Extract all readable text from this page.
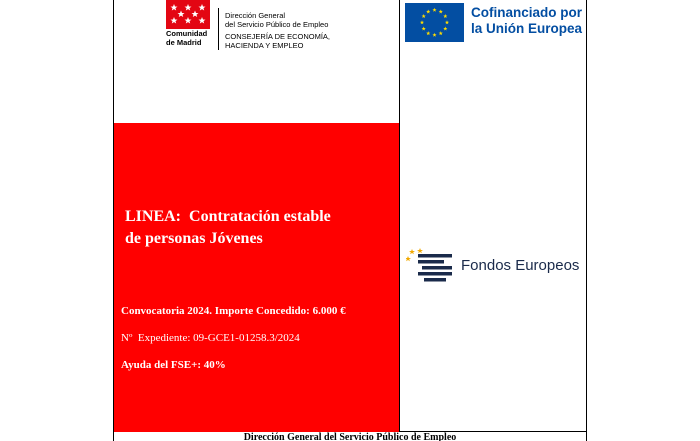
Comunidad
de Madrid
Dirección General
del Servicio Público de Empleo
CONSEJERÍA DE ECONOMÍA,
HACIENDA Y EMPLEO
Cofinanciado por
la Unión Europea
LINEA:  Contratación estable
de personas Jóvenes
Convocatoria 2024. Importe Concedido: 6.000 €
Nº  Expediente: 09-GCE1-01258.3/2024
Ayuda del FSE+: 40%
Fondos Europeos
Dirección General del Servicio Público de Empleo
